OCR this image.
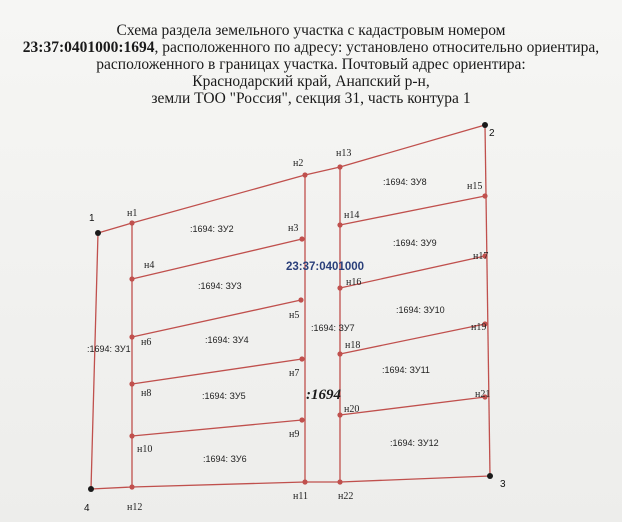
Схема раздела земельного участка с кадастровым номером
23:37:0401000:1694, расположенного по адресу: установлено относительно ориентира,
расположенного в границах участка. Почтовый адрес ориентира:
Краснодарский край, Анапский р-н,
земли ТОО "Россия", секция 31, часть контура 1
1
2
3
4
н1
н2
н3
н4
н5
н6
н7
н8
н9
н10
н11
н12
н13
н14
н15
н16
н17
н18
н19
н20
н21
н22
:1694: ЗУ1
:1694: ЗУ2
:1694: ЗУ3
:1694: ЗУ4
:1694: ЗУ5
:1694: ЗУ6
:1694: ЗУ7
:1694: ЗУ8
:1694: ЗУ9
:1694: ЗУ10
:1694: ЗУ11
:1694: ЗУ12
23:37:0401000
:1694
